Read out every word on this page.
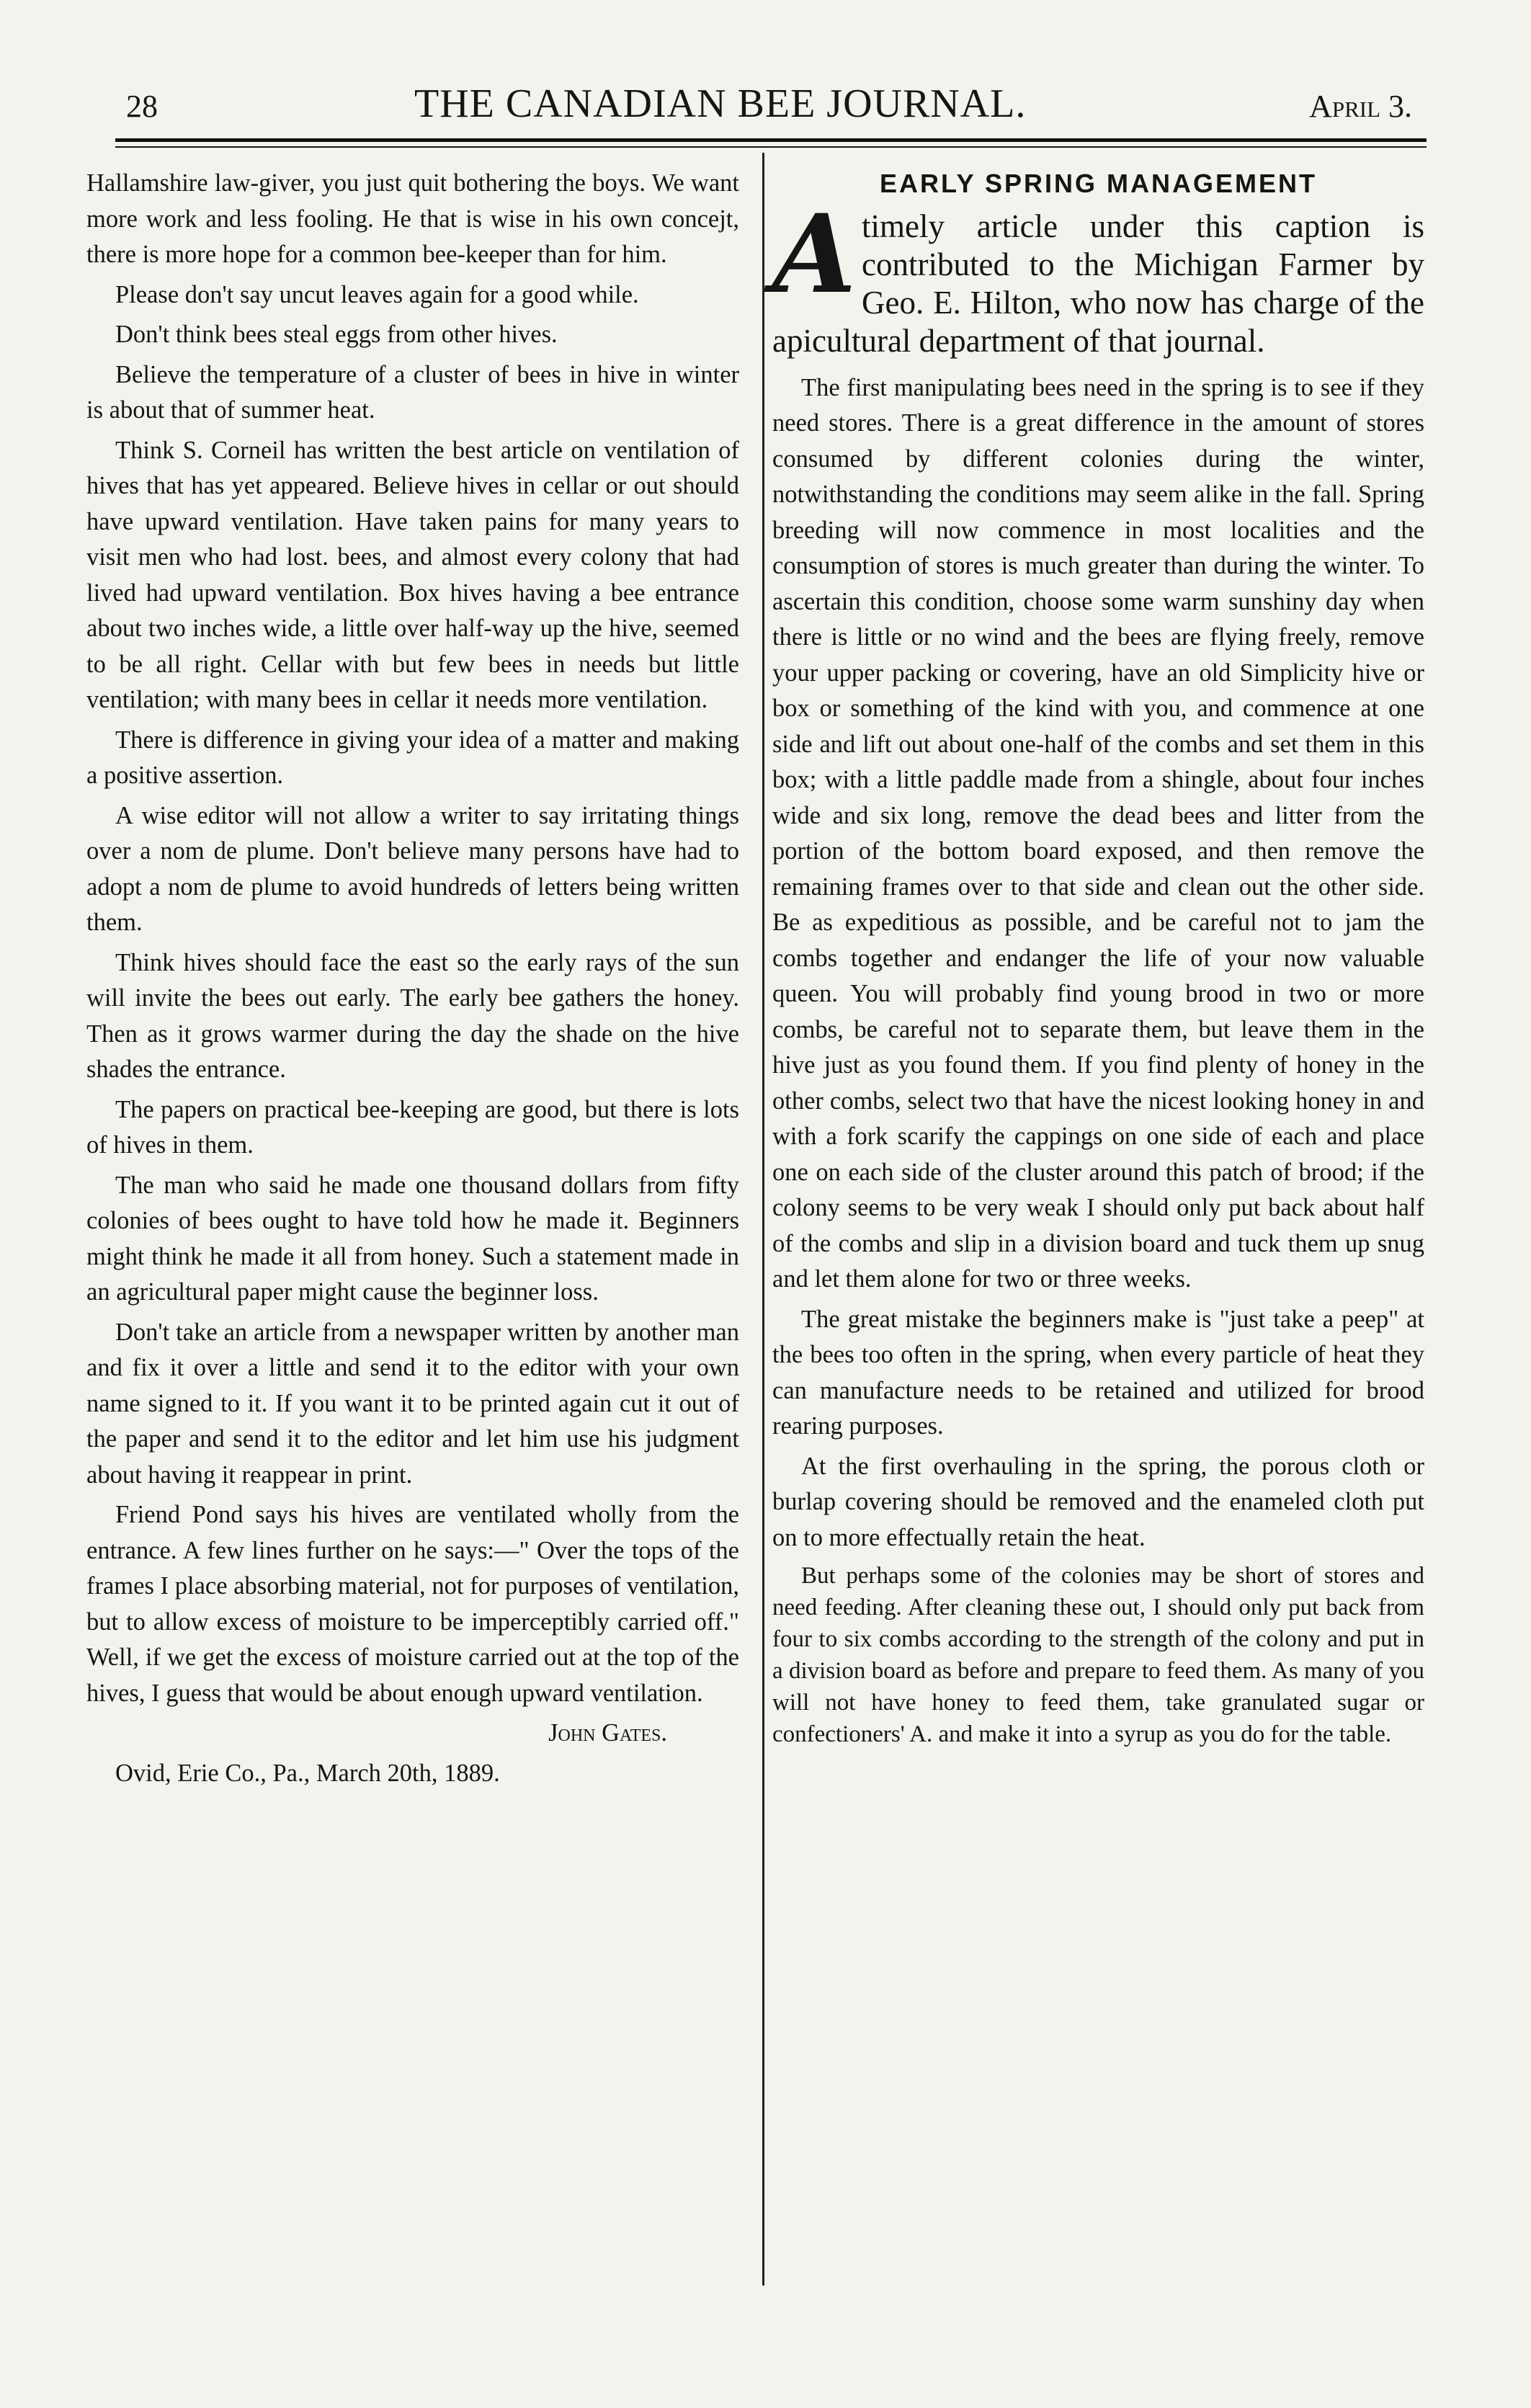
28	THE CANADIAN BEE JOURNAL.	April 3.

Hallamshire law-giver, you just quit bothering the boys. We want more work and less fooling. He that is wise in his own concejt, there is more hope for a common bee-keeper than for him.

Please don't say uncut leaves again for a good while.

Don't think bees steal eggs from other hives.

Believe the temperature of a cluster of bees in hive in winter is about that of summer heat.

Think S. Corneil has written the best article on ventilation of hives that has yet appeared. Believe hives in cellar or out should have upward ventilation. Have taken pains for many years to visit men who had lost. bees, and almost every colony that had lived had upward ventilation. Box hives having a bee entrance about two inches wide, a little over half-way up the hive, seemed to be all right. Cellar with but few bees in needs but little ventilation; with many bees in cellar it needs more ventilation.

There is difference in giving your idea of a matter and making a positive assertion.

A wise editor will not allow a writer to say irritating things over a nom de plume. Don't believe many persons have had to adopt a nom de plume to avoid hundreds of letters being written them.

Think hives should face the east so the early rays of the sun will invite the bees out early. The early bee gathers the honey. Then as it grows warmer during the day the shade on the hive shades the entrance.

The papers on practical bee-keeping are good, but there is lots of hives in them.

The man who said he made one thousand dollars from fifty colonies of bees ought to have told how he made it. Beginners might think he made it all from honey. Such a statement made in an agricultural paper might cause the beginner loss.

Don't take an article from a newspaper written by another man and fix it over a little and send it to the editor with your own name signed to it. If you want it to be printed again cut it out of the paper and send it to the editor and let him use his judgment about having it reappear in print.

Friend Pond says his hives are ventilated wholly from the entrance. A few lines further on he says:—" Over the tops of the frames I place absorbing material, not for purposes of ventilation, but to allow excess of moisture to be imperceptibly carried off." Well, if we get the excess of moisture carried out at the top of the hives, I guess that would be about enough upward ventilation.

John Gates.

Ovid, Erie Co., Pa., March 20th, 1889.

EARLY SPRING MANAGEMENT
A timely article under this caption is contributed to the Michigan Farmer by Geo. E. Hilton, who now has charge of the apicultural department of that journal.

The first manipulating bees need in the spring is to see if they need stores. There is a great difference in the amount of stores consumed by different colonies during the winter, notwithstanding the conditions may seem alike in the fall. Spring breeding will now commence in most localities and the consumption of stores is much greater than during the winter. To ascertain this condition, choose some warm sunshiny day when there is little or no wind and the bees are flying freely, remove your upper packing or covering, have an old Simplicity hive or box or something of the kind with you, and commence at one side and lift out about one-half of the combs and set them in this box; with a little paddle made from a shingle, about four inches wide and six long, remove the dead bees and litter from the portion of the bottom board exposed, and then remove the remaining frames over to that side and clean out the other side. Be as expeditious as possible, and be careful not to jam the combs together and endanger the life of your now valuable queen. You will probably find young brood in two or more combs, be careful not to separate them, but leave them in the hive just as you found them. If you find plenty of honey in the other combs, select two that have the nicest looking honey in and with a fork scarify the cappings on one side of each and place one on each side of the cluster around this patch of brood; if the colony seems to be very weak I should only put back about half of the combs and slip in a division board and tuck them up snug and let them alone for two or three weeks.

The great mistake the beginners make is "just take a peep" at the bees too often in the spring, when every particle of heat they can manufacture needs to be retained and utilized for brood rearing purposes.

At the first overhauling in the spring, the porous cloth or burlap covering should be removed and the enameled cloth put on to more effectually retain the heat.

But perhaps some of the colonies may be short of stores and need feeding. After cleaning these out, I should only put back from four to six combs according to the strength of the colony and put in a division board as before and prepare to feed them. As many of you will not have honey to feed them, take granulated sugar or confectioners' A. and make it into a syrup as you do for the table.
